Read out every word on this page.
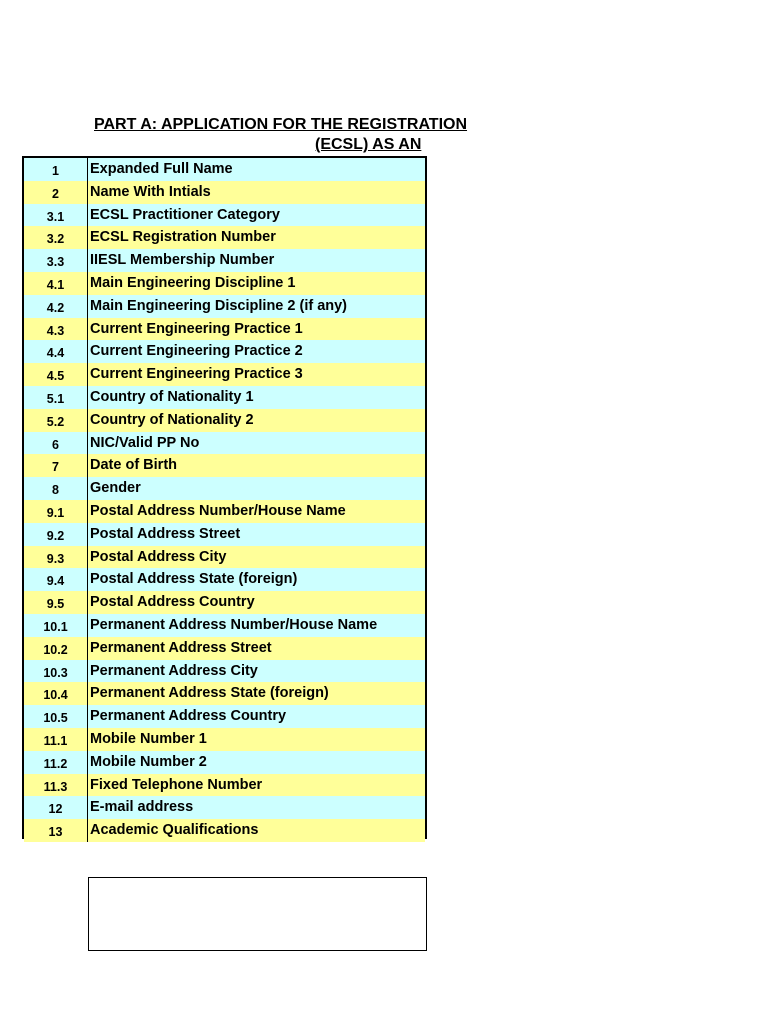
PART A: APPLICATION FOR THE REGISTRATION
(ECSL) AS AN
1	Expanded Full Name
2	Name With Intials
3.1	ECSL Practitioner Category
3.2	ECSL Registration Number
3.3	IIESL Membership Number
4.1	Main Engineering Discipline 1
4.2	Main Engineering Discipline 2 (if any)
4.3	Current Engineering Practice 1
4.4	Current Engineering Practice 2
4.5	Current Engineering Practice 3
5.1	Country of Nationality 1
5.2	Country of Nationality 2
6	NIC/Valid PP No
7	Date of Birth
8	Gender
9.1	Postal Address Number/House Name
9.2	Postal Address Street
9.3	Postal Address City
9.4	Postal Address State (foreign)
9.5	Postal Address Country
10.1	Permanent Address Number/House Name
10.2	Permanent Address Street
10.3	Permanent Address City
10.4	Permanent Address State (foreign)
10.5	Permanent Address Country
11.1	Mobile Number 1
11.2	Mobile Number 2
11.3	Fixed Telephone Number
12	E-mail address
13	Academic Qualifications
